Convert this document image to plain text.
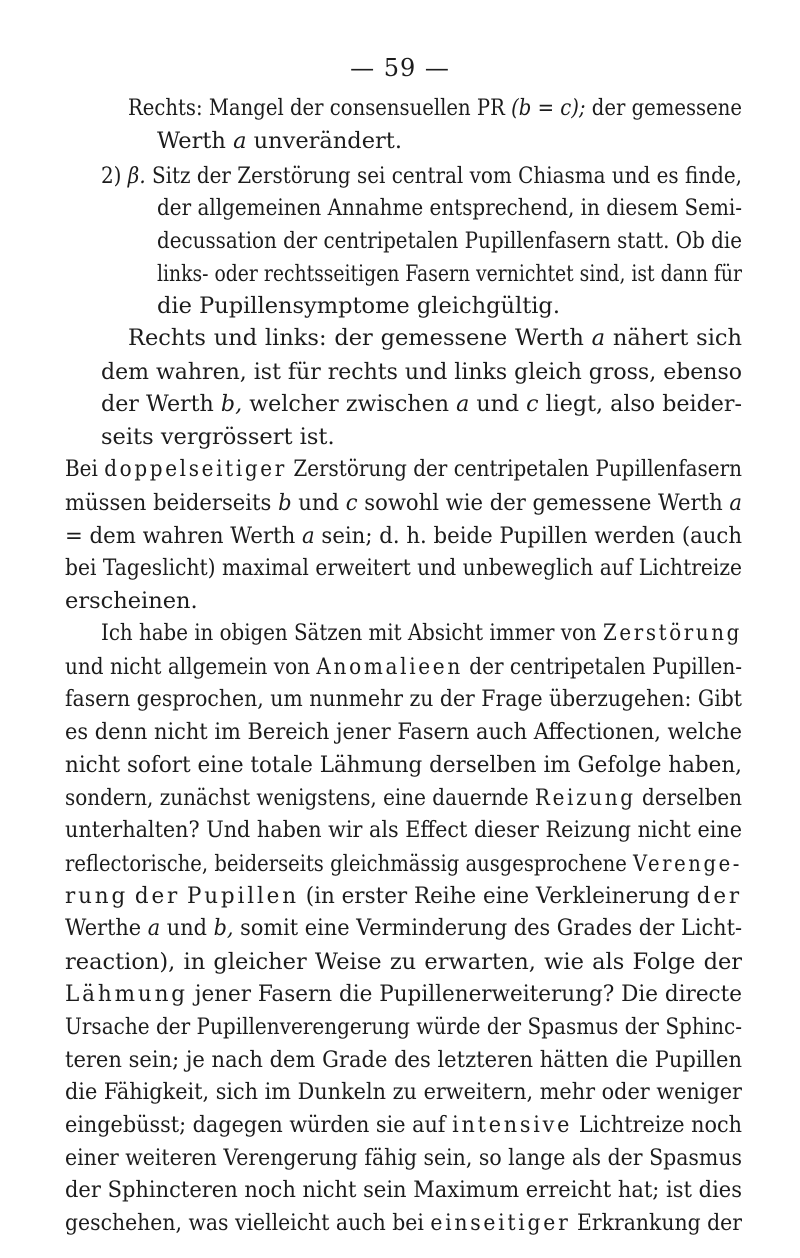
— 59 —
Rechts: Mangel der consensuellen PR (b = c); der gemessene
Werth a unverändert.
2) β. Sitz der Zerstörung sei central vom Chiasma und es finde,
der allgemeinen Annahme entsprechend, in diesem Semi-
decussation der centripetalen Pupillenfasern statt. Ob die
links- oder rechtsseitigen Fasern vernichtet sind, ist dann für
die Pupillensymptome gleichgültig.
Rechts und links: der gemessene Werth a nähert sich
dem wahren, ist für rechts und links gleich gross, ebenso
der Werth b, welcher zwischen a und c liegt, also beider-
seits vergrössert ist.
Bei doppelseitiger Zerstörung der centripetalen Pupillenfasern
müssen beiderseits b und c sowohl wie der gemessene Werth a
= dem wahren Werth a sein; d. h. beide Pupillen werden (auch
bei Tageslicht) maximal erweitert und unbeweglich auf Lichtreize
erscheinen.
Ich habe in obigen Sätzen mit Absicht immer von Zerstörung
und nicht allgemein von Anomalieen der centripetalen Pupillen-
fasern gesprochen, um nunmehr zu der Frage überzugehen: Gibt
es denn nicht im Bereich jener Fasern auch Affectionen, welche
nicht sofort eine totale Lähmung derselben im Gefolge haben,
sondern, zunächst wenigstens, eine dauernde Reizung derselben
unterhalten? Und haben wir als Effect dieser Reizung nicht eine
reflectorische, beiderseits gleichmässig ausgesprochene Verenge-
rung der Pupillen (in erster Reihe eine Verkleinerung der
Werthe a und b, somit eine Verminderung des Grades der Licht-
reaction), in gleicher Weise zu erwarten, wie als Folge der
Lähmung jener Fasern die Pupillenerweiterung? Die directe
Ursache der Pupillenverengerung würde der Spasmus der Sphinc-
teren sein; je nach dem Grade des letzteren hätten die Pupillen
die Fähigkeit, sich im Dunkeln zu erweitern, mehr oder weniger
eingebüsst; dagegen würden sie auf intensive Lichtreize noch
einer weiteren Verengerung fähig sein, so lange als der Spasmus
der Sphincteren noch nicht sein Maximum erreicht hat; ist dies
geschehen, was vielleicht auch bei einseitiger Erkrankung der
